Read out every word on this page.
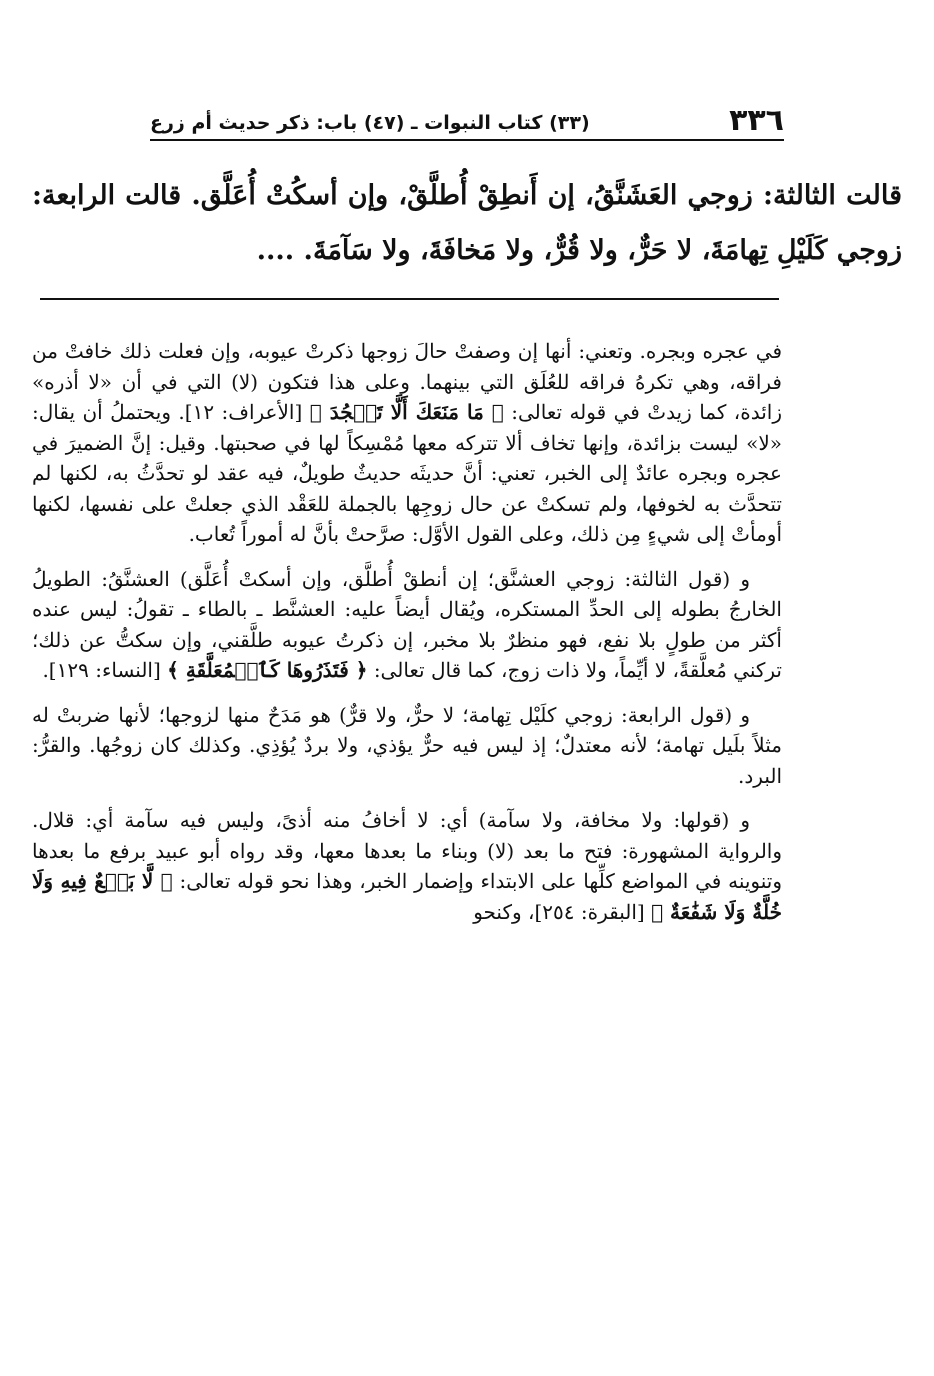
٣٣٦
(٣٣) كتاب النبوات ـ (٤٧) باب: ذكر حديث أم زرع
قالت الثالثة: زوجي العَشَنَّقُ، إن أَنطِقْ أُطلَّقْ، وإن أسكُتْ أُعَلَّق. قالت الرابعة: زوجي كَلَيْلِ تِهامَةَ، لا حَرٌّ، ولا قُرٌّ، ولا مَخافَةَ، ولا سَآمَةَ. ....

في عجره وبجره. وتعني: أنها إن وصفتْ حالَ زوجها ذكرتْ عيوبه، وإن فعلت ذلك خافتْ من فراقه، وهي تكرهُ فراقه للعُلَق التي بينهما. وعلى هذا فتكون (لا) التي في أن «لا أذره» زائدة، كما زيدتْ في قوله تعالى: ﴿ مَا مَنَعَكَ أَلَّا تَسۡجُدَ ﴾ [الأعراف: ١٢]. ويحتملُ أن يقال: «لا» ليست بزائدة، وإنها تخاف ألا تتركه معها مُمْسِكاً لها في صحبتها. وقيل: إنَّ الضميرَ في عجره وبجره عائدٌ إلى الخبر، تعني: أنَّ حديثَه حديثٌ طويلٌ، فيه عقد لو تحدَّثُ به، لكنها لم تتحدَّث به لخوفها، ولم تسكتْ عن حال زوجِها بالجملة للعَقْد الذي جعلتْ على نفسها، لكنها أومأتْ إلى شيءٍ مِن ذلك، وعلى القول الأوَّل: صرَّحتْ بأنَّ له أموراً تُعاب.

و (قول الثالثة: زوجي العشنَّق؛ إن أنطقْ أُطلَّق، وإن أسكتْ أُعَلَّق) العشنَّقُ: الطويلُ الخارجُ بطوله إلى الحدِّ المستكره، ويُقال أيضاً عليه: العشنَّط ـ بالطاء ـ تقولُ: ليس عنده أكثر من طولٍ بلا نفع، فهو منظرٌ بلا مخبر، إن ذكرتُ عيوبه طلَّقني، وإن سكتُّ عن ذلك؛ تركني مُعلَّقةً، لا أيِّماً، ولا ذات زوج، كما قال تعالى: ﴿ فَتَذَرُوهَا كَٱلۡمُعَلَّقَةِ ﴾ [النساء: ١٢٩].

و (قول الرابعة: زوجي كلَيْل تِهامة؛ لا حرٌّ، ولا قرٌّ) هو مَدَحٌ منها لزوجها؛ لأنها ضربتْ له مثلاً بلَيل تهامة؛ لأنه معتدلٌ؛ إذ ليس فيه حرٌّ يؤذي، ولا بردٌ يُؤذِي. وكذلك كان زوجُها. والقرُّ: البرد.

و (قولها: ولا مخافة، ولا سآمة) أي: لا أخافُ منه أذىً، وليس فيه سآمة أي: قلال. والرواية المشهورة: فتح ما بعد (لا) وبناء ما بعدها معها، وقد رواه أبو عبيد برفع ما بعدها وتنوينه في المواضع كلِّها على الابتداء وإضمار الخبر، وهذا نحو قوله تعالى: ﴿ لَّا بَيۡعٌ فِيهِ وَلَا خُلَّةٌ وَلَا شَفَٰعَةٌ ﴾ [البقرة: ٢٥٤]، وكنحو
